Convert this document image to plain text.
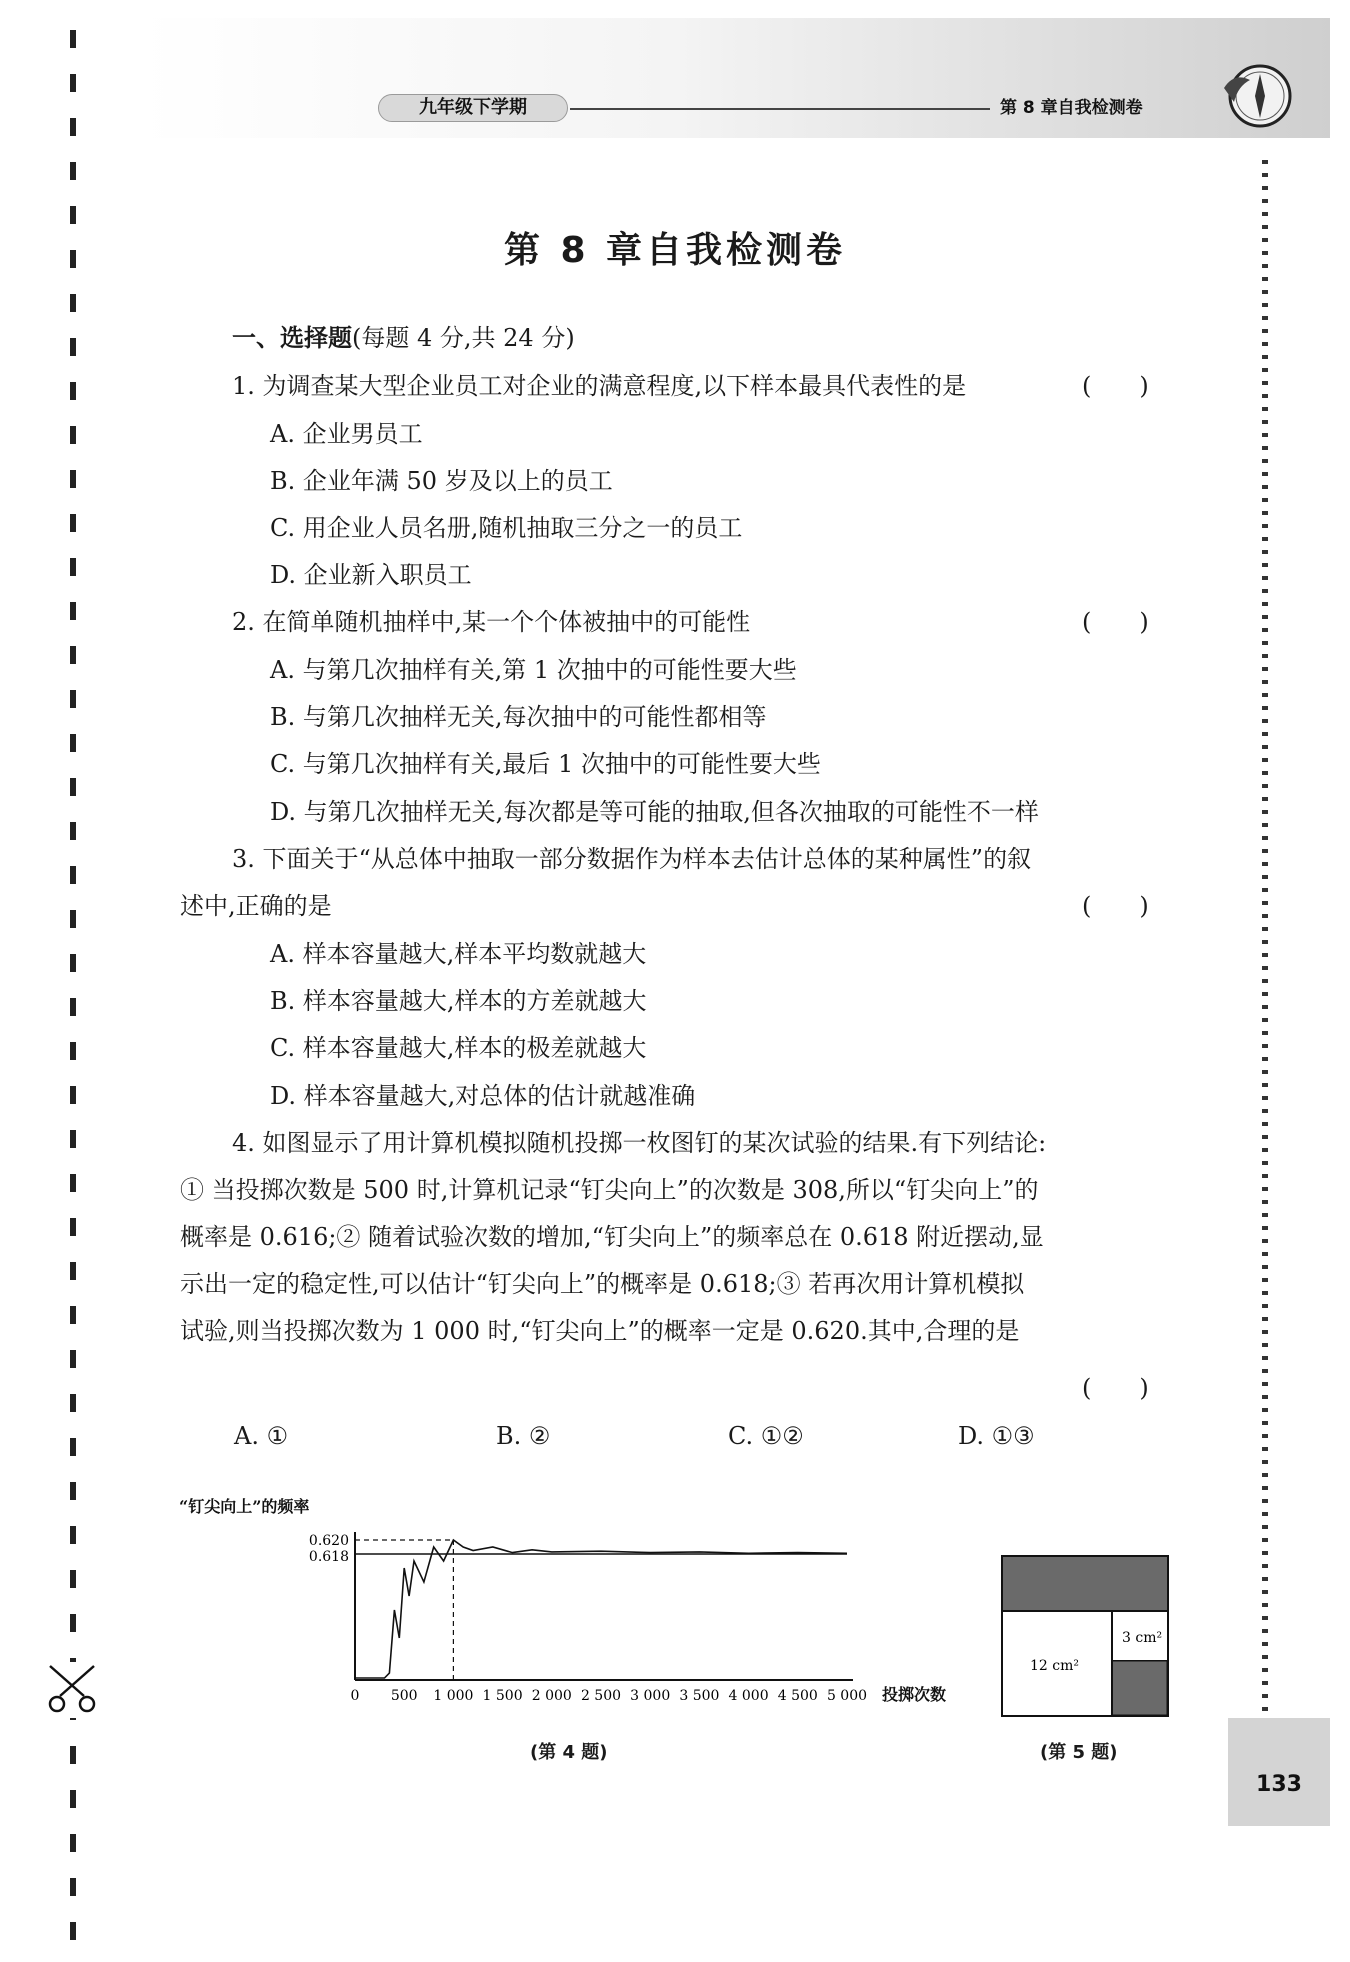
九年级下学期	第 8 章自我检测卷
133
第 8 章自我检测卷
一、选择题(每题 4 分,共 24 分)
1. 为调查某大型企业员工对企业的满意程度,以下样本最具代表性的是	(　　)
A. 企业男员工
B. 企业年满 50 岁及以上的员工
C. 用企业人员名册,随机抽取三分之一的员工
D. 企业新入职员工
2. 在简单随机抽样中,某一个个体被抽中的可能性	(　　)
A. 与第几次抽样有关,第 1 次抽中的可能性要大些
B. 与第几次抽样无关,每次抽中的可能性都相等
C. 与第几次抽样有关,最后 1 次抽中的可能性要大些
D. 与第几次抽样无关,每次都是等可能的抽取,但各次抽取的可能性不一样
3. 下面关于“从总体中抽取一部分数据作为样本去估计总体的某种属性”的叙
述中,正确的是	(　　)
A. 样本容量越大,样本平均数就越大
B. 样本容量越大,样本的方差就越大
C. 样本容量越大,样本的极差就越大
D. 样本容量越大,对总体的估计就越准确
4. 如图显示了用计算机模拟随机投掷一枚图钉的某次试验的结果.有下列结论:
① 当投掷次数是 500 时,计算机记录“钉尖向上”的次数是 308,所以“钉尖向上”的
概率是 0.616;② 随着试验次数的增加,“钉尖向上”的频率总在 0.618 附近摆动,显
示出一定的稳定性,可以估计“钉尖向上”的概率是 0.618;③ 若再次用计算机模拟
试验,则当投掷次数为 1 000 时,“钉尖向上”的概率一定是 0.620.其中,合理的是
(　　)
A. ①	B. ②	C. ①②	D. ①③
“钉尖向上”的频率
0.620
0.618
0 500 1 000 1 500 2 000 2 500 3 000 3 500 4 000 4 500 5 000 投掷次数
(第 4 题)
3 cm²
12 cm²
(第 5 题)
